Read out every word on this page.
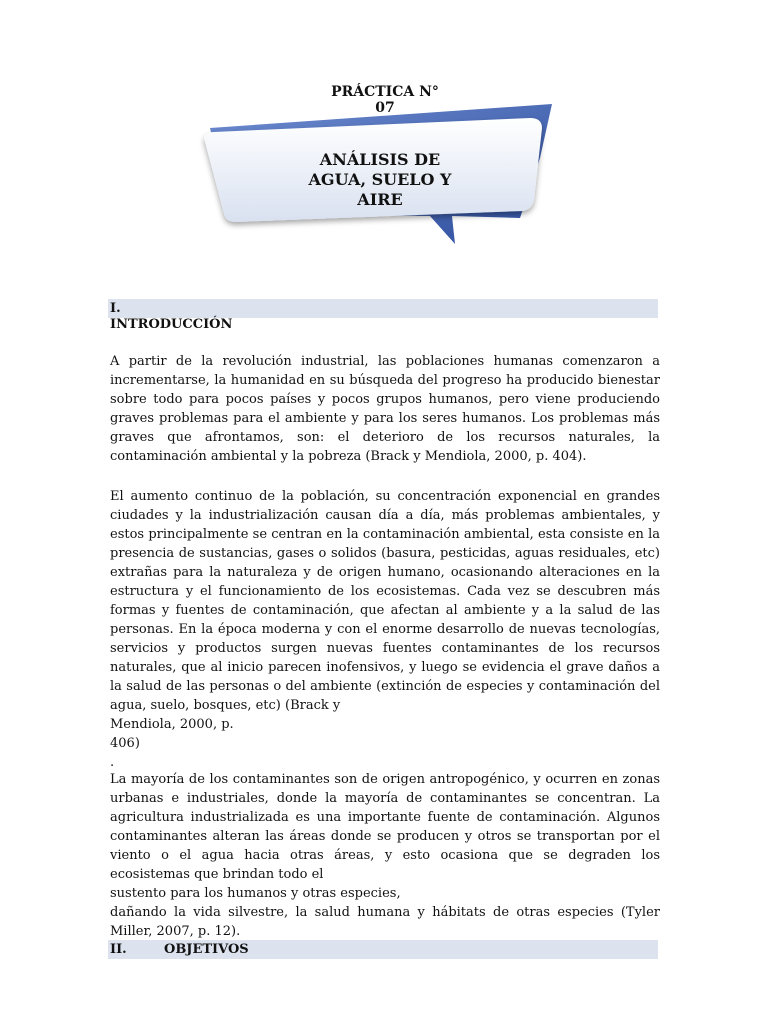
PRÁCTICA N°
07
ANÁLISIS DE
AGUA, SUELO Y
AIRE
I.
INTRODUCCIÓN

A partir de la revolución industrial, las poblaciones humanas comenzaron a incrementarse, la humanidad en su búsqueda del progreso ha producido bienestar sobre todo para pocos países y pocos grupos humanos, pero viene produciendo graves problemas para el ambiente y para los seres humanos. Los problemas más graves que afrontamos, son: el deterioro de los recursos naturales, la contaminación ambiental y la pobreza (Brack y Mendiola, 2000, p. 404).

El aumento continuo de la población, su concentración exponencial en grandes ciudades y la industrialización causan día a día, más problemas ambientales, y estos principalmente se centran en la contaminación ambiental, esta consiste en la presencia de sustancias, gases o solidos (basura, pesticidas, aguas residuales, etc) extrañas para la naturaleza y de origen humano, ocasionando alteraciones en la estructura y el funcionamiento de los ecosistemas. Cada vez se descubren más formas y fuentes de contaminación, que afectan al ambiente y a la salud de las personas. En la época moderna y con el enorme desarrollo de nuevas tecnologías, servicios y productos surgen nuevas fuentes contaminantes de los recursos naturales, que al inicio parecen inofensivos, y luego se evidencia el grave daños a la salud de las personas o del ambiente (extinción de especies y contaminación del agua, suelo, bosques, etc) (Brack y
Mendiola, 2000, p.
406)
.
La mayoría de los contaminantes son de origen antropogénico, y ocurren en zonas urbanas e industriales, donde la mayoría de contaminantes se concentran. La agricultura industrializada es una importante fuente de contaminación. Algunos contaminantes alteran las áreas donde se producen y otros se transportan por el viento o el agua hacia otras áreas, y esto ocasiona que se degraden los ecosistemas que brindan todo el
sustento para los humanos y otras especies,
dañando la vida silvestre, la salud humana y hábitats de otras especies (Tyler Miller, 2007, p. 12).
II.	OBJETIVOS
